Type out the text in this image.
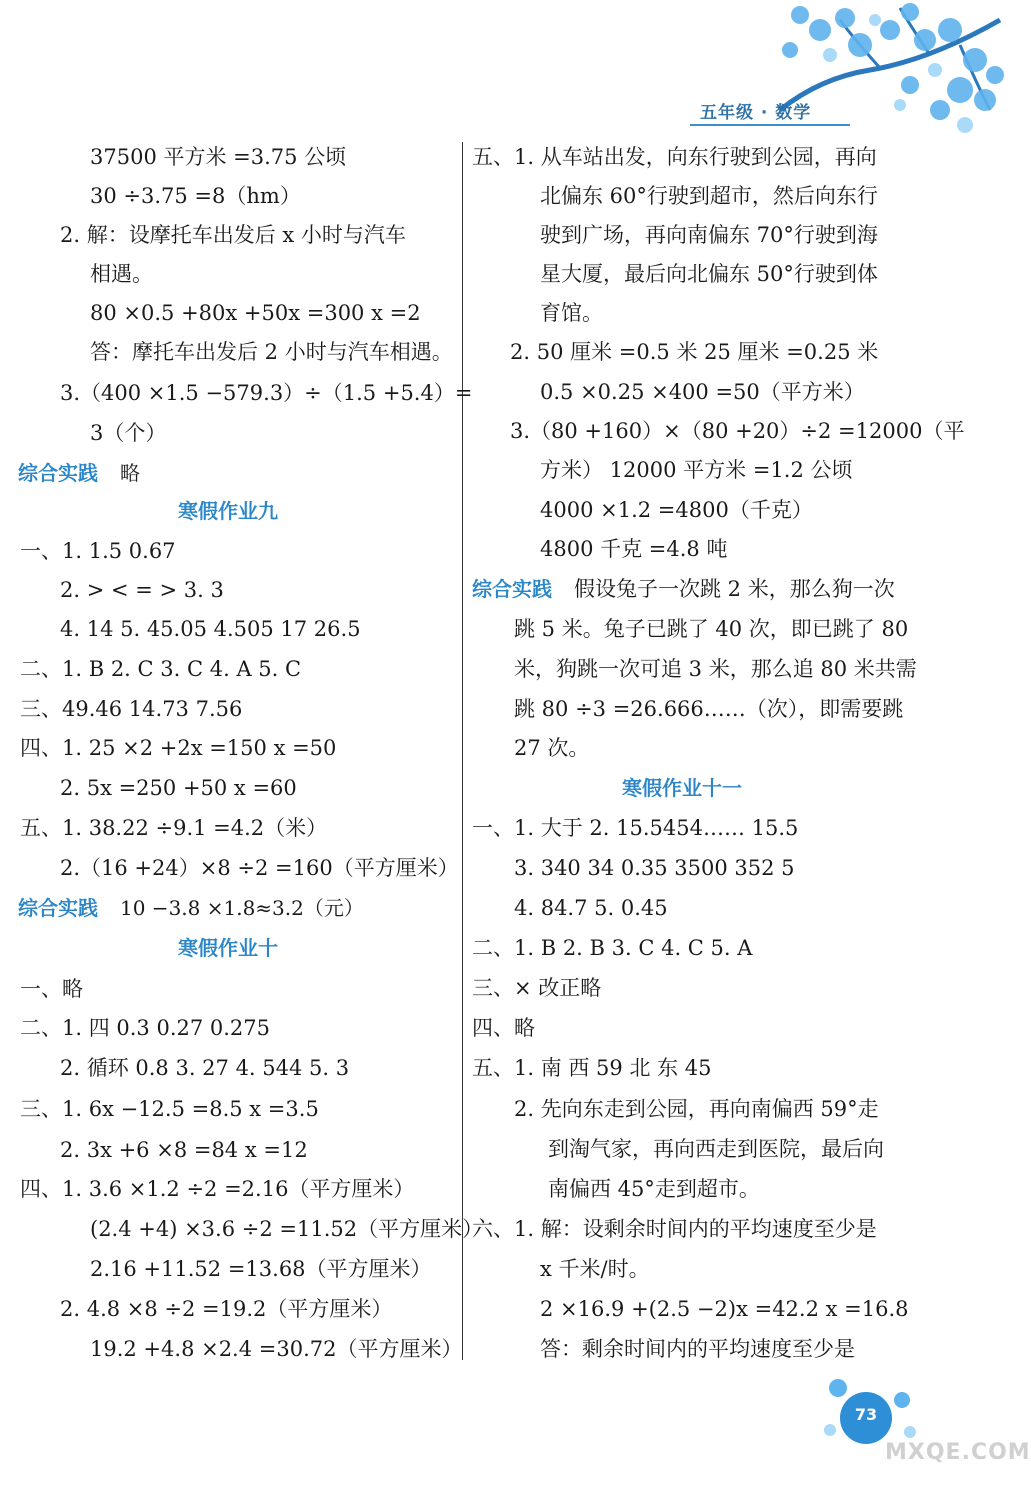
五年级 · 数学
37500 平方米 =3.75 公顷
30 ÷3.75 =8（hm）
2. 解：设摩托车出发后 x 小时与汽车
相遇。
80 ×0.5 +80x +50x =300 x =2
答：摩托车出发后 2 小时与汽车相遇。
3.（400 ×1.5 −579.3）÷（1.5 +5.4）=
3（个）
综合实践 略
寒假作业九
一、1. 1.5 0.67
2. > < = > 3. 3
4. 14 5. 45.05 4.505 17 26.5
二、1. B 2. C 3. C 4. A 5. C
三、49.46 14.73 7.56
四、1. 25 ×2 +2x =150 x =50
2. 5x =250 +50 x =60
五、1. 38.22 ÷9.1 =4.2（米）
2.（16 +24）×8 ÷2 =160（平方厘米）
综合实践 10 −3.8 ×1.8≈3.2（元）
寒假作业十
一、略
二、1. 四 0.3 0.27 0.275
2. 循环 0.8 3. 27 4. 544 5. 3
三、1. 6x −12.5 =8.5 x =3.5
2. 3x +6 ×8 =84 x =12
四、1. 3.6 ×1.2 ÷2 =2.16（平方厘米）
(2.4 +4) ×3.6 ÷2 =11.52（平方厘米）
2.16 +11.52 =13.68（平方厘米）
2. 4.8 ×8 ÷2 =19.2（平方厘米）
19.2 +4.8 ×2.4 =30.72（平方厘米）
五、1. 从车站出发，向东行驶到公园，再向
北偏东 60°行驶到超市，然后向东行
驶到广场，再向南偏东 70°行驶到海
星大厦，最后向北偏东 50°行驶到体
育馆。
2. 50 厘米 =0.5 米 25 厘米 =0.25 米
0.5 ×0.25 ×400 =50（平方米）
3.（80 +160）×（80 +20）÷2 =12000（平
方米） 12000 平方米 =1.2 公顷
4000 ×1.2 =4800（千克）
4800 千克 =4.8 吨
综合实践 假设兔子一次跳 2 米，那么狗一次
跳 5 米。兔子已跳了 40 次，即已跳了 80
米，狗跳一次可追 3 米，那么追 80 米共需
跳 80 ÷3 =26.666……（次），即需要跳
27 次。
寒假作业十一
一、1. 大于 2. 15.5454…… 15.5
3. 340 34 0.35 3500 352 5
4. 84.7 5. 0.45
二、1. B 2. B 3. C 4. C 5. A
三、× 改正略
四、略
五、1. 南 西 59 北 东 45
2. 先向东走到公园，再向南偏西 59°走
到淘气家，再向西走到医院，最后向
南偏西 45°走到超市。
六、1. 解：设剩余时间内的平均速度至少是
x 千米/时。
2 ×16.9 +(2.5 −2)x =42.2 x =16.8
答：剩余时间内的平均速度至少是
73
MXQE.COM
